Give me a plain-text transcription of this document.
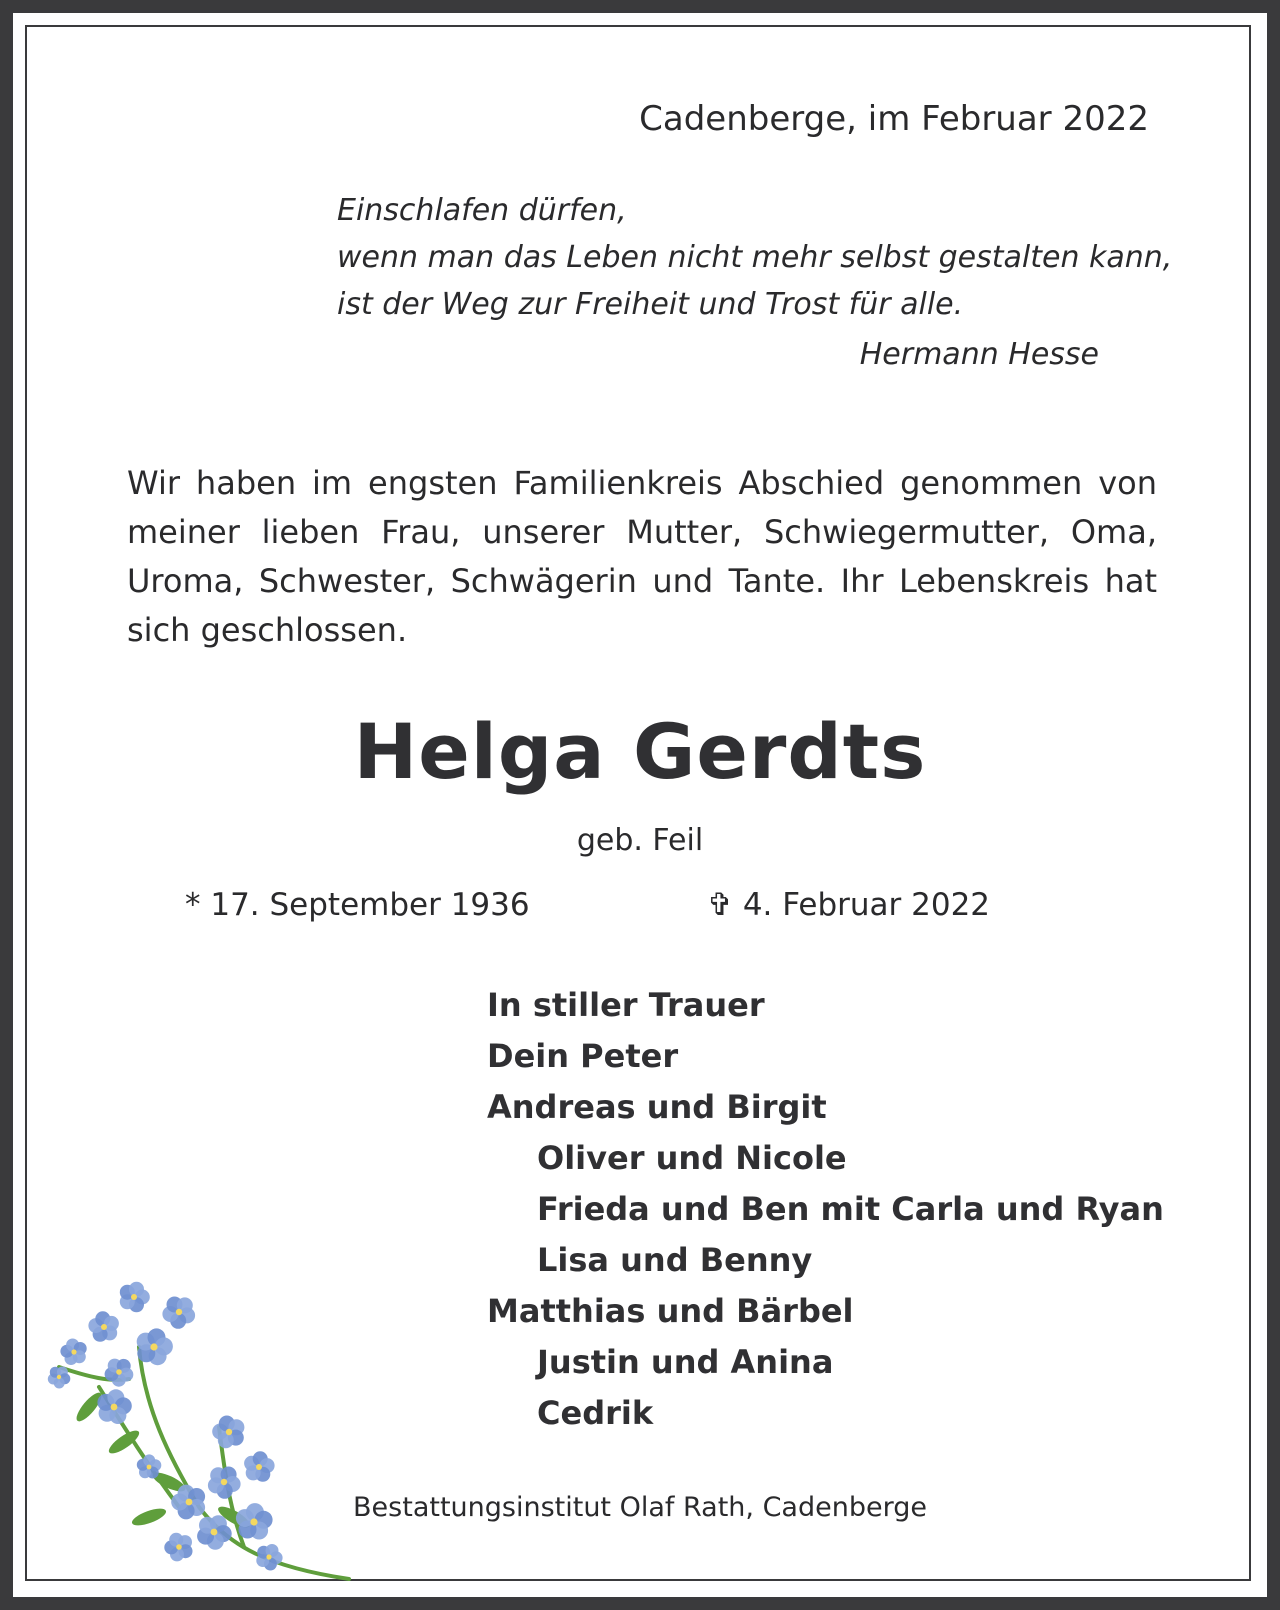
Cadenberge, im Februar 2022

Einschlafen dürfen,
wenn man das Leben nicht mehr selbst gestalten kann,
ist der Weg zur Freiheit und Trost für alle.

Hermann Hesse

Wir haben im engsten Familienkreis Abschied genommen von meiner lieben Frau, unserer Mutter, Schwiegermutter, Oma, Uroma, Schwester, Schwägerin und Tante. Ihr Lebenskreis hat sich geschlossen.

Helga Gerdts

geb. Feil

* 17. September 1936	✞ 4. Februar 2022

In stiller Trauer
Dein Peter
Andreas und Birgit
Oliver und Nicole
Frieda und Ben mit Carla und Ryan
Lisa und Benny
Matthias und Bärbel
Justin und Anina
Cedrik

Bestattungsinstitut Olaf Rath, Cadenberge
